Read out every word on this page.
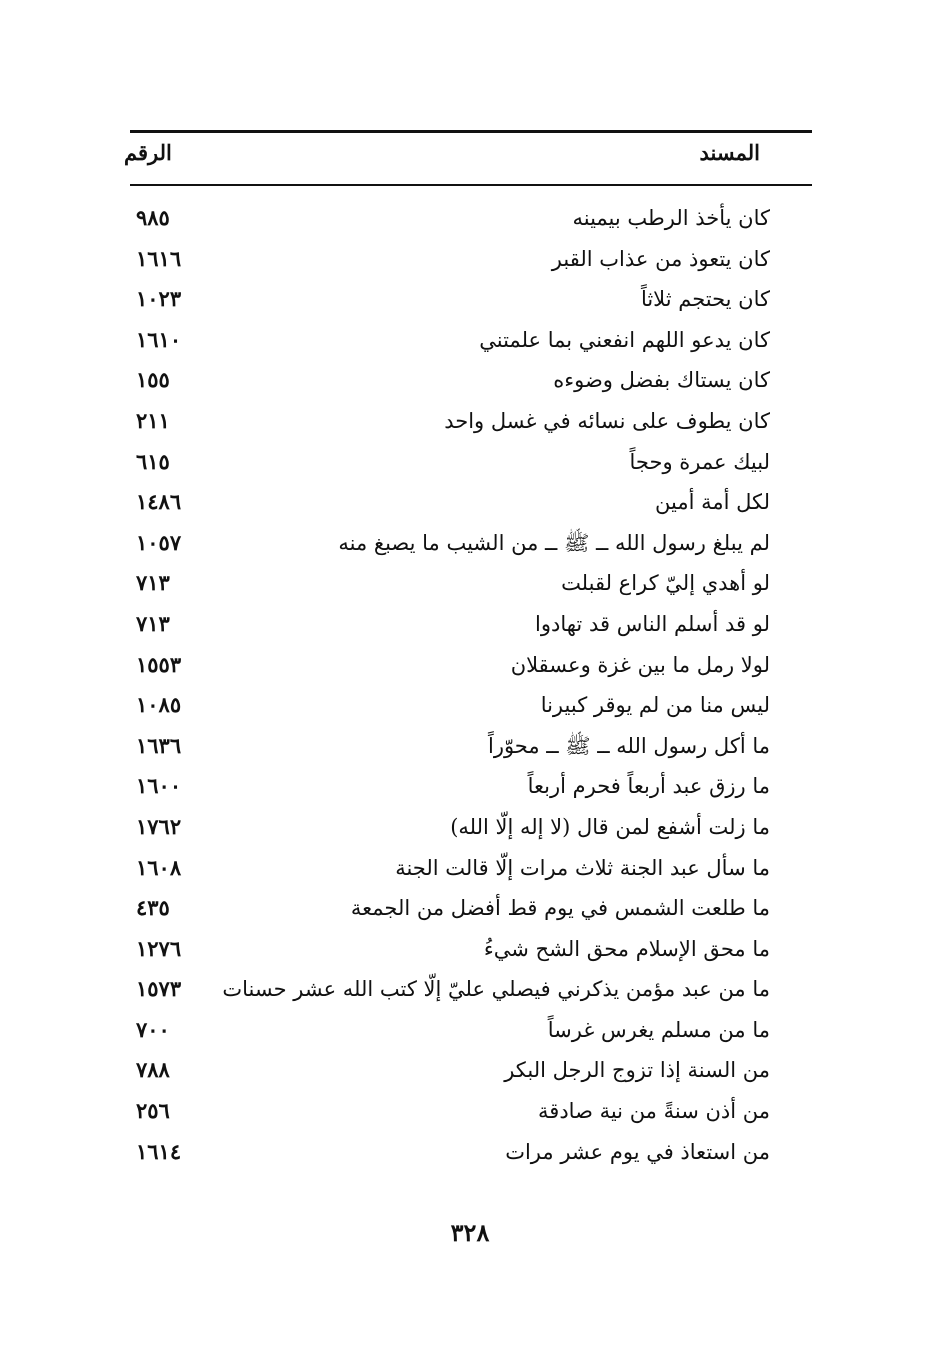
المسند
الرقم
كان يأخذ الرطب بيمينه
٩٨٥
كان يتعوذ من عذاب القبر
١٦١٦
كان يحتجم ثلاثاً
١٠٢٣
كان يدعو اللهم انفعني بما علمتني
١٦١٠
كان يستاك بفضل وضوءه
١٥٥
كان يطوف على نسائه في غسل واحد
٢١١
لبيك عمرة وحجاً
٦١٥
لكل أمة أمين
١٤٨٦
لم يبلغ رسول الله ــ ﷺ ــ من الشيب ما يصبغ منه
١٠٥٧
لو أهدي إليّ كراع لقبلت
٧١٣
لو قد أسلم الناس قد تهادوا
٧١٣
لولا رمل ما بين غزة وعسقلان
١٥٥٣
ليس منا من لم يوقر كبيرنا
١٠٨٥
ما أكل رسول الله ــ ﷺ ــ محوّراً
١٦٣٦
ما رزق عبد أربعاً فحرم أربعاً
١٦٠٠
ما زلت أشفع لمن قال (لا إله إلّا الله)
١٧٦٢
ما سأل عبد الجنة ثلاث مرات إلّا قالت الجنة
١٦٠٨
ما طلعت الشمس في يوم قط أفضل من الجمعة
٤٣٥
ما محق الإسلام محق الشح شيءُ
١٢٧٦
ما من عبد مؤمن يذكرني فيصلي عليّ إلّا كتب الله عشر حسنات
١٥٧٣
ما من مسلم يغرس غرساً
٧٠٠
من السنة إذا تزوج الرجل البكر
٧٨٨
من أذن سنةً من نية صادقة
٢٥٦
من استعاذ في يوم عشر مرات
١٦١٤
٣٢٨
